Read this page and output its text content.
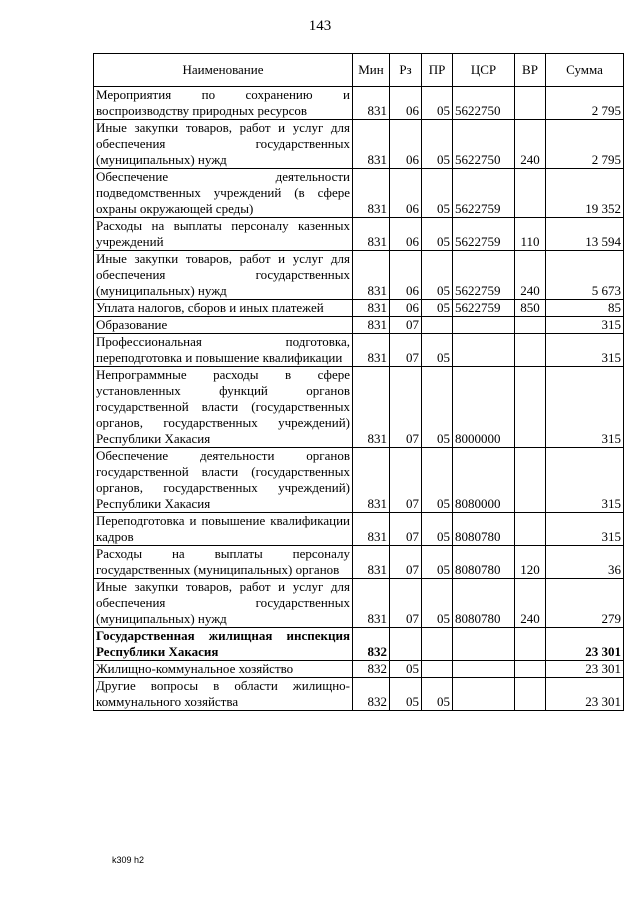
143
Наименование	Мин	Рз	ПР	ЦСР	ВР	Сумма
Мероприятия по сохранению и воспроизводству природных ресурсов	831	06	05	5622750		2 795
Иные закупки товаров, работ и услуг для обеспечения государственных (муниципальных) нужд	831	06	05	5622750	240	2 795
Обеспечение деятельности подведомственных учреждений (в сфере охраны окружающей среды)	831	06	05	5622759		19 352
Расходы на выплаты персоналу казенных учреждений	831	06	05	5622759	110	13 594
Иные закупки товаров, работ и услуг для обеспечения государственных (муниципальных) нужд	831	06	05	5622759	240	5 673
Уплата налогов, сборов и иных платежей	831	06	05	5622759	850	85
Образование	831	07				315
Профессиональная подготовка, переподготовка и повышение квалификации	831	07	05			315
Непрограммные расходы в сфере установленных функций органов государственной власти (государственных органов, государственных учреждений) Республики Хакасия	831	07	05	8000000		315
Обеспечение деятельности органов государственной власти (государственных органов, государственных учреждений) Республики Хакасия	831	07	05	8080000		315
Переподготовка и повышение квалификации кадров	831	07	05	8080780		315
Расходы на выплаты персоналу государственных (муниципальных) органов	831	07	05	8080780	120	36
Иные закупки товаров, работ и услуг для обеспечения государственных (муниципальных) нужд	831	07	05	8080780	240	279
Государственная жилищная инспекция Республики Хакасия	832					23 301
Жилищно-коммунальное хозяйство	832	05				23 301
Другие вопросы в области жилищно-коммунального хозяйства	832	05	05			23 301
k309 h2
